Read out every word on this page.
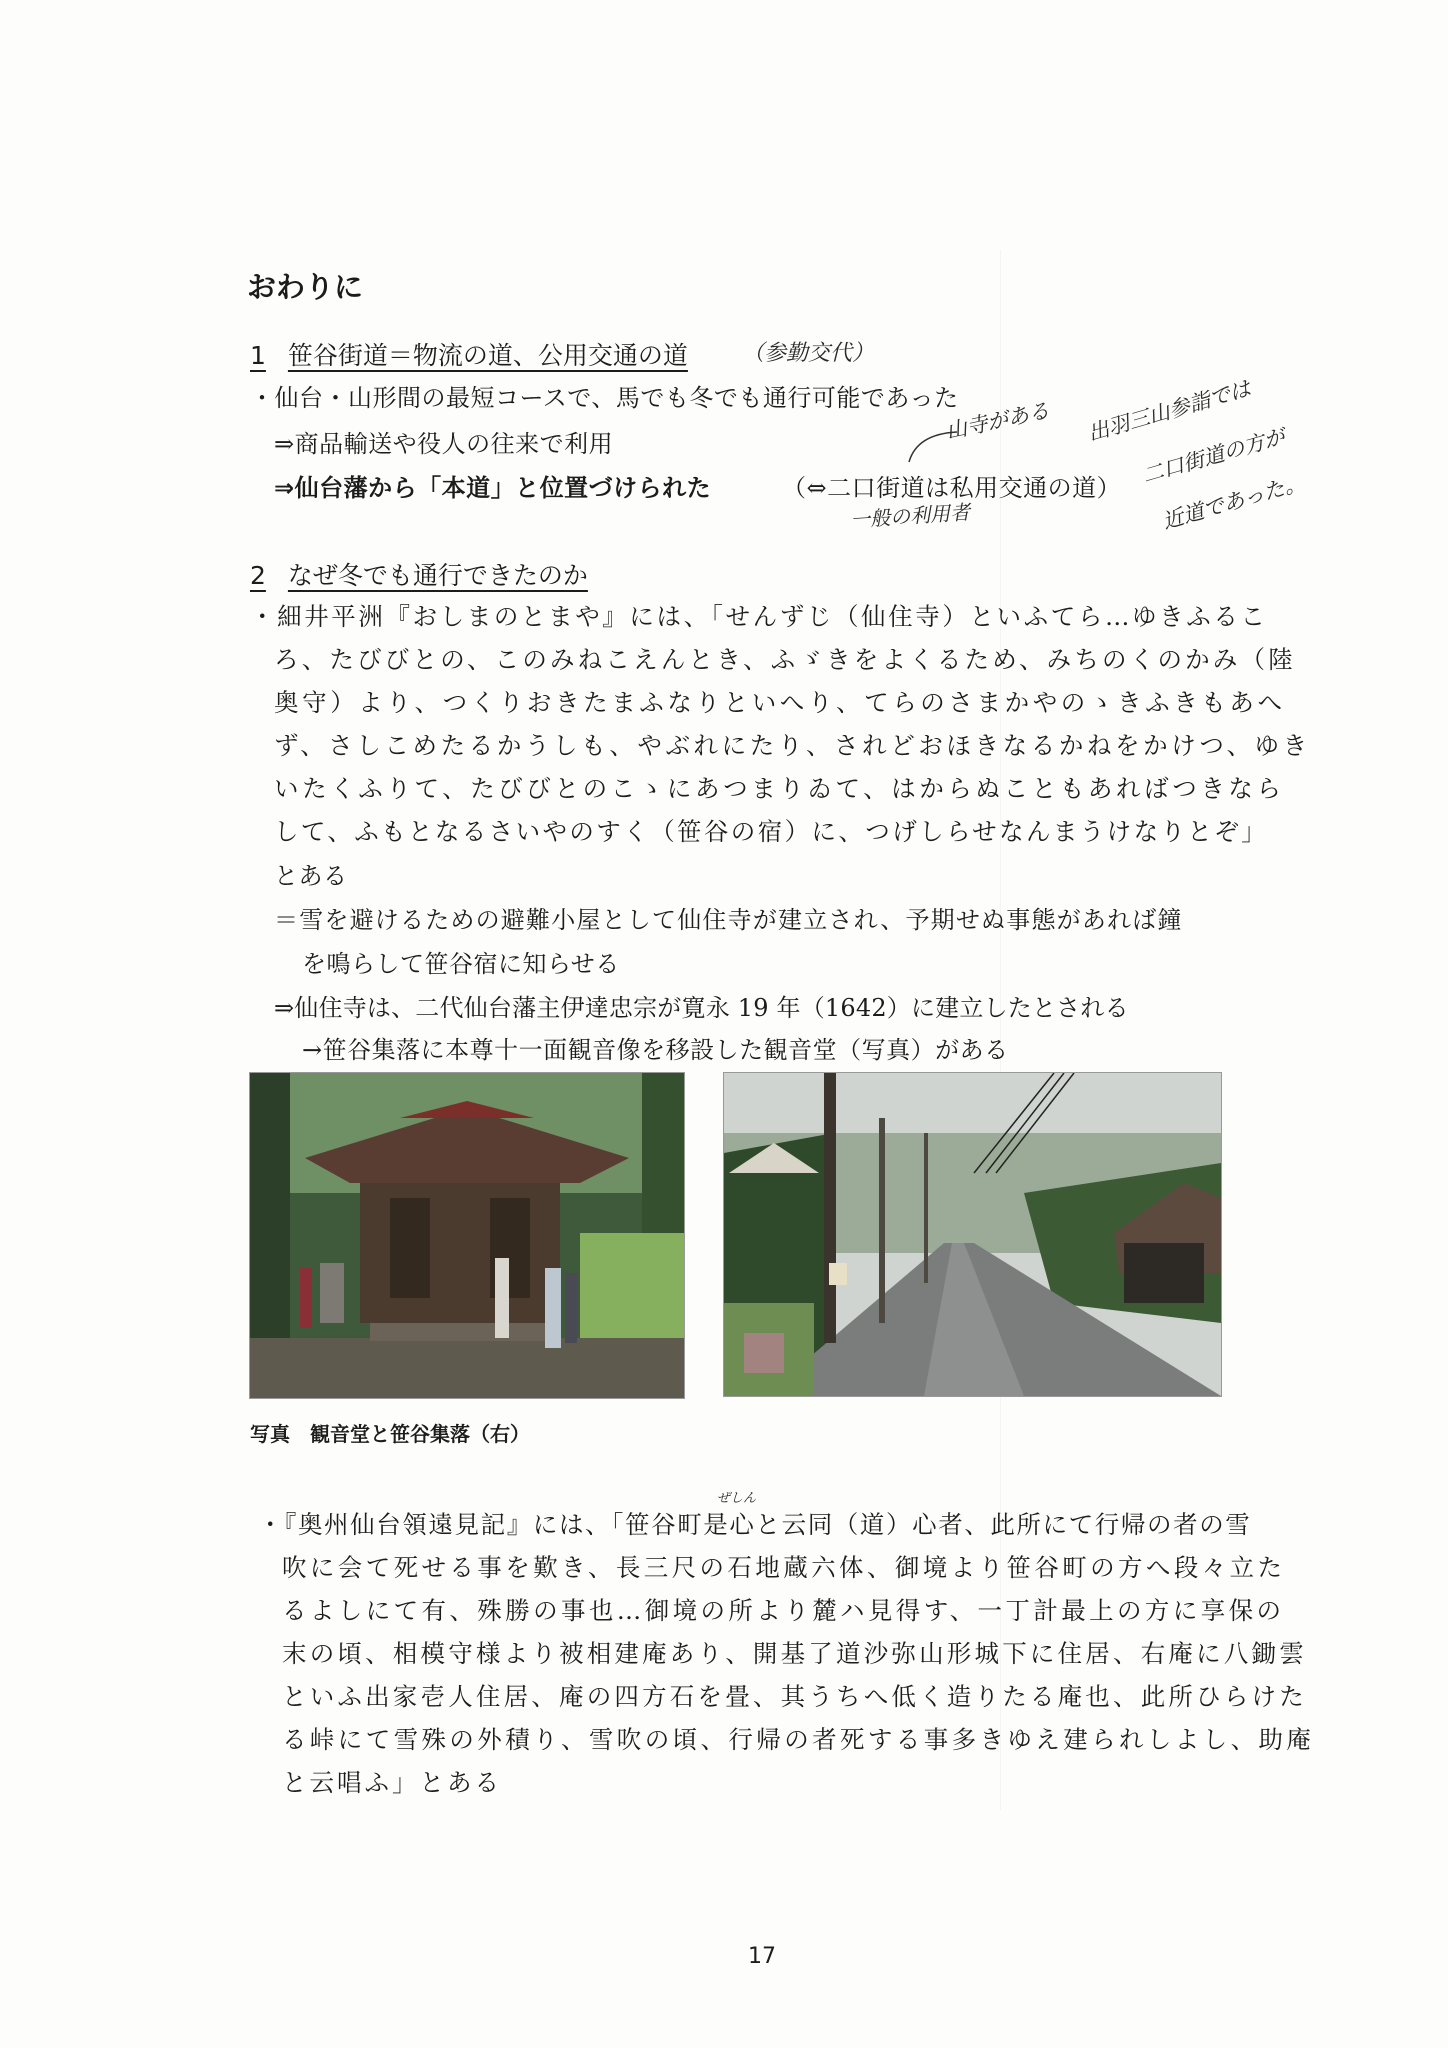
おわりに
1 笹谷街道＝物流の道、公用交通の道 （参勤交代）
・仙台・山形間の最短コースで、馬でも冬でも通行可能であった
⇒商品輸送や役人の往来で利用
⇒仙台藩から「本道」と位置づけられた	（⇔二口街道は私用交通の道）
山寺がある
一般の利用者
出羽三山参詣では
二口街道の方が
近道であった。
2 なぜ冬でも通行できたのか
・細井平洲『おしまのとまや』には、「せんずじ（仙住寺）といふてら…ゆきふるこ
ろ、たびびとの、このみねこえんとき、ふゞきをよくるため、みちのくのかみ（陸
奥守）より、つくりおきたまふなりといへり、てらのさまかやのゝきふきもあへ
ず、さしこめたるかうしも、やぶれにたり、されどおほきなるかねをかけつ、ゆき
いたくふりて、たびびとのこゝにあつまりゐて、はからぬこともあればつきなら
して、ふもとなるさいやのすく（笹谷の宿）に、つげしらせなんまうけなりとぞ」
とある
＝雪を避けるための避難小屋として仙住寺が建立され、予期せぬ事態があれば鐘
を鳴らして笹谷宿に知らせる
⇒仙住寺は、二代仙台藩主伊達忠宗が寛永 19 年（1642）に建立したとされる
→笹谷集落に本尊十一面観音像を移設した観音堂（写真）がある
写真　観音堂と笹谷集落（右）
ぜしん
・『奥州仙台領遠見記』には、「笹谷町是心と云同（道）心者、此所にて行帰の者の雪
吹に会て死せる事を歎き、長三尺の石地蔵六体、御境より笹谷町の方へ段々立た
るよしにて有、殊勝の事也…御境の所より麓ハ見得す、一丁計最上の方に享保の
末の頃、相模守様より被相建庵あり、開基了道沙弥山形城下に住居、右庵に八鋤雲
といふ出家壱人住居、庵の四方石を畳、其うちへ低く造りたる庵也、此所ひらけた
る峠にて雪殊の外積り、雪吹の頃、行帰の者死する事多きゆえ建られしよし、助庵
と云唱ふ」とある
17
